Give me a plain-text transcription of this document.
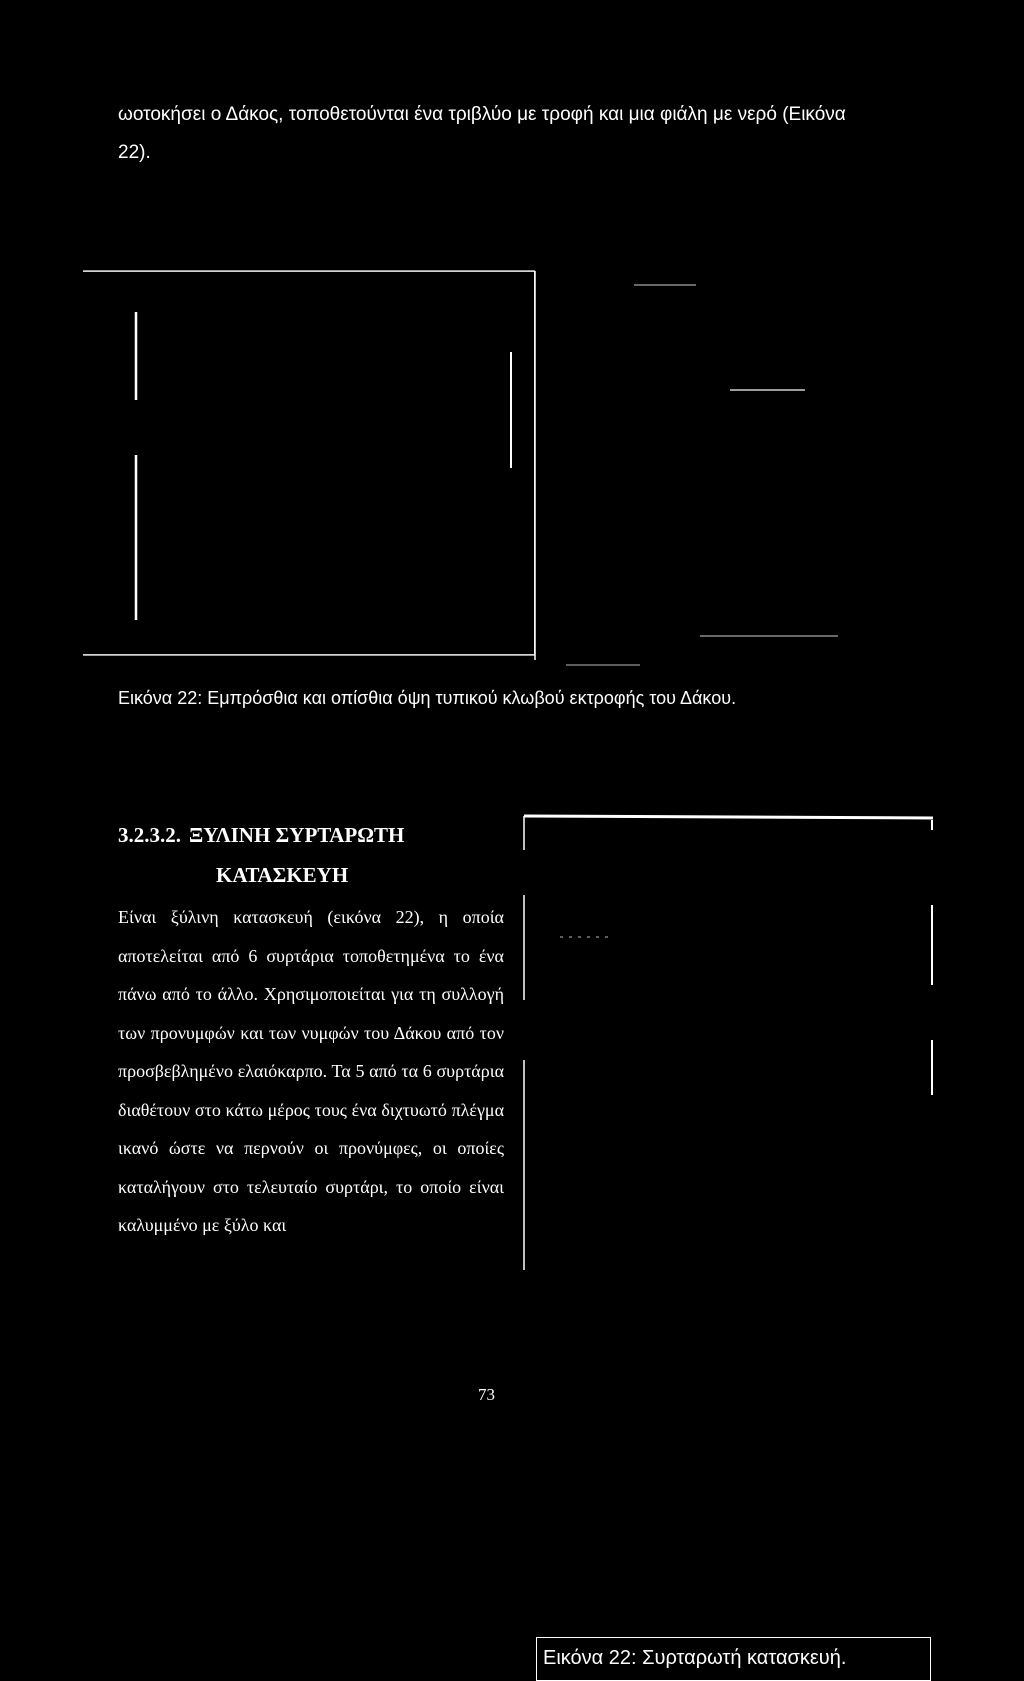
ωοτοκήσει ο Δάκος, τοποθετούνται ένα τριβλύο με τροφή και μια φιάλη με νερό (Εικόνα 22).
Εικόνα 22: Εμπρόσθια και οπίσθια όψη τυπικού κλωβού εκτροφής του Δάκου.
3.2.3.2. ΞΥΛΙΝΗ ΣΥΡΤΑΡΩΤΗ
ΚΑΤΑΣΚΕΥΗ
Είναι ξύλινη κατασκευή (εικόνα 22), η οποία αποτελείται από 6 συρτάρια τοποθετημένα το ένα πάνω από το άλλο. Χρησιμοποιείται για τη συλλογή των προνυμφών και των νυμφών του Δάκου από τον προσβεβλημένο ελαιόκαρπο. Τα 5 από τα 6 συρτάρια διαθέτουν στο κάτω μέρος τους ένα διχτυωτό πλέγμα ικανό ώστε να περνούν οι προνύμφες, οι οποίες καταλήγουν στο τελευταίο συρτάρι, το οποίο είναι καλυμμένο με ξύλο και
Εικόνα 22: Συρταρωτή κατασκευή.
73
